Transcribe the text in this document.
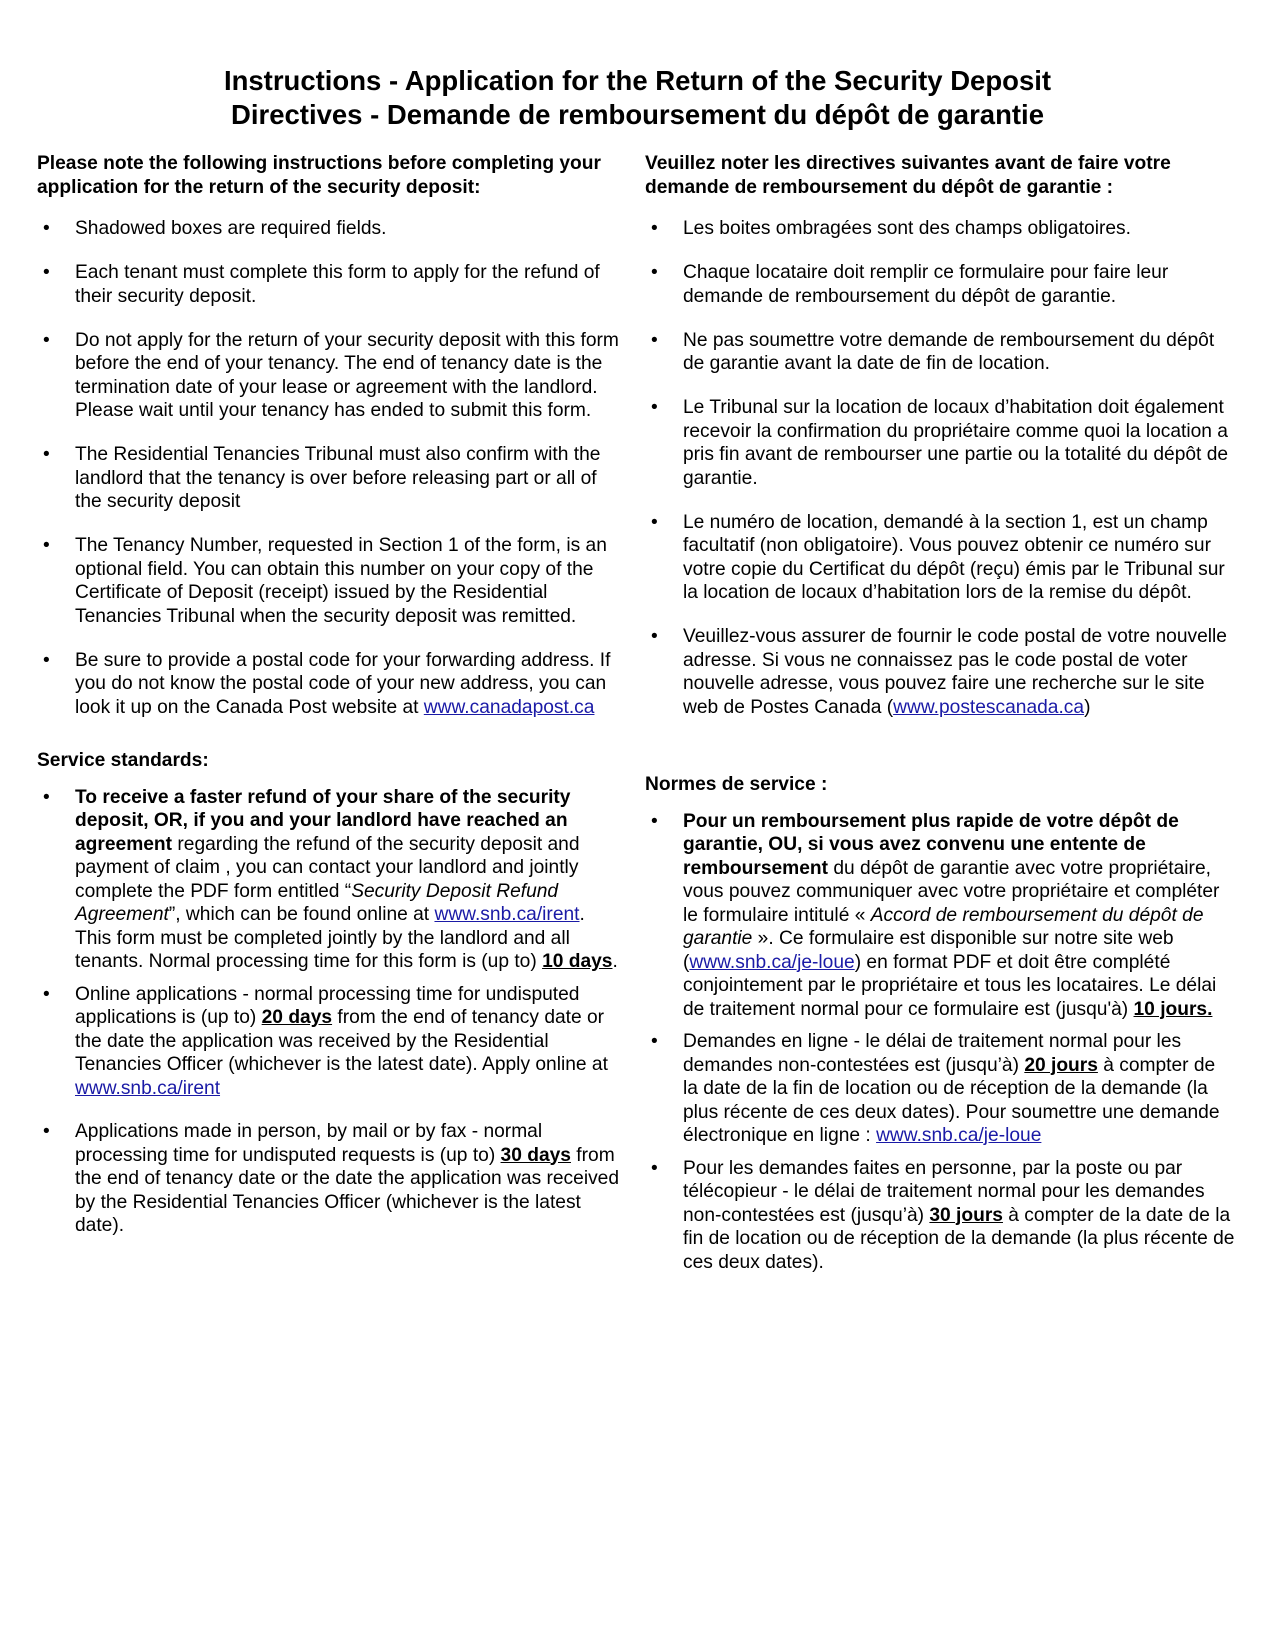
Instructions - Application for the Return of the Security Deposit
Directives - Demande de remboursement du dépôt de garantie

Please note the following instructions before completing your application for the return of the security deposit:

• Shadowed boxes are required fields.
• Each tenant must complete this form to apply for the refund of their security deposit.
• Do not apply for the return of your security deposit with this form before the end of your tenancy. The end of tenancy date is the termination date of your lease or agreement with the landlord. Please wait until your tenancy has ended to submit this form.
• The Residential Tenancies Tribunal must also confirm with the landlord that the tenancy is over before releasing part or all of the security deposit
• The Tenancy Number, requested in Section 1 of the form, is an optional field. You can obtain this number on your copy of the Certificate of Deposit (receipt) issued by the Residential Tenancies Tribunal when the security deposit was remitted.
• Be sure to provide a postal code for your forwarding address. If you do not know the postal code of your new address, you can look it up on the Canada Post website at www.canadapost.ca

Service standards:

• To receive a faster refund of your share of the security deposit, OR, if you and your landlord have reached an agreement regarding the refund of the security deposit and payment of claim , you can contact your landlord and jointly complete the PDF form entitled “Security Deposit Refund Agreement”, which can be found online at www.snb.ca/irent. This form must be completed jointly by the landlord and all tenants. Normal processing time for this form is (up to) 10 days.
• Online applications - normal processing time for undisputed applications is (up to) 20 days from the end of tenancy date or the date the application was received by the Residential Tenancies Officer (whichever is the latest date). Apply online at www.snb.ca/irent
• Applications made in person, by mail or by fax - normal processing time for undisputed requests is (up to) 30 days from the end of tenancy date or the date the application was received by the Residential Tenancies Officer (whichever is the latest date).

Veuillez noter les directives suivantes avant de faire votre demande de remboursement du dépôt de garantie :

• Les boites ombragées sont des champs obligatoires.
• Chaque locataire doit remplir ce formulaire pour faire leur demande de remboursement du dépôt de garantie.
• Ne pas soumettre votre demande de remboursement du dépôt de garantie avant la date de fin de location.
• Le Tribunal sur la location de locaux d’habitation doit également recevoir la confirmation du propriétaire comme quoi la location a pris fin avant de rembourser une partie ou la totalité du dépôt de garantie.
• Le numéro de location, demandé à la section 1, est un champ facultatif (non obligatoire). Vous pouvez obtenir ce numéro sur votre copie du Certificat du dépôt (reçu) émis par le Tribunal sur la location de locaux d’habitation lors de la remise du dépôt.
• Veuillez-vous assurer de fournir le code postal de votre nouvelle adresse. Si vous ne connaissez pas le code postal de voter nouvelle adresse, vous pouvez faire une recherche sur le site web de Postes Canada (www.postescanada.ca)

Normes de service :

• Pour un remboursement plus rapide de votre dépôt de garantie, OU, si vous avez convenu une entente de remboursement du dépôt de garantie avec votre propriétaire, vous pouvez communiquer avec votre propriétaire et compléter le formulaire intitulé « Accord de remboursement du dépôt de garantie ». Ce formulaire est disponible sur notre site web (www.snb.ca/je-loue) en format PDF et doit être complété conjointement par le propriétaire et tous les locataires. Le délai de traitement normal pour ce formulaire est (jusqu'à) 10 jours.
• Demandes en ligne - le délai de traitement normal pour les demandes non-contestées est (jusqu’à) 20 jours à compter de la date de la fin de location ou de réception de la demande (la plus récente de ces deux dates). Pour soumettre une demande électronique en ligne : www.snb.ca/je-loue
• Pour les demandes faites en personne, par la poste ou par télécopieur - le délai de traitement normal pour les demandes non-contestées est (jusqu’à) 30 jours à compter de la date de la fin de location ou de réception de la demande (la plus récente de ces deux dates).
